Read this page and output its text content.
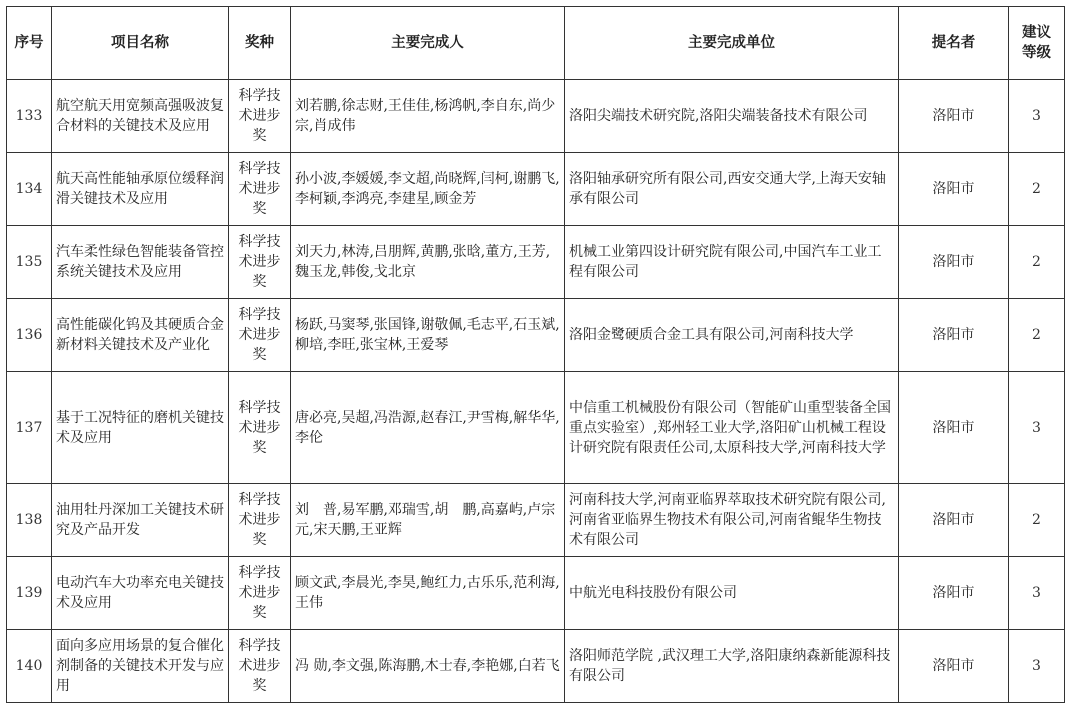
序号	项目名称	奖种	主要完成人	主要完成单位	提名者	建议等级
133	航空航天用宽频高强吸波复合材料的关键技术及应用	科学技术进步奖	刘若鹏,徐志财,王佳佳,杨鸿帆,李自东,尚少宗,肖成伟	洛阳尖端技术研究院,洛阳尖端装备技术有限公司	洛阳市	3
134	航天高性能轴承原位缓释润滑关键技术及应用	科学技术进步奖	孙小波,李媛媛,李文超,尚晓辉,闫柯,谢鹏飞,李柯颖,李鸿亮,李建星,顾金芳	洛阳轴承研究所有限公司,西安交通大学,上海天安轴承有限公司	洛阳市	2
135	汽车柔性绿色智能装备管控系统关键技术及应用	科学技术进步奖	刘天力,林涛,吕朋辉,黄鹏,张晗,董方,王芳,魏玉龙,韩俊,戈北京	机械工业第四设计研究院有限公司,中国汽车工业工程有限公司	洛阳市	2
136	高性能碳化钨及其硬质合金新材料关键技术及产业化	科学技术进步奖	杨跃,马窦琴,张国锋,谢敬佩,毛志平,石玉斌,柳培,李旺,张宝林,王爱琴	洛阳金鹭硬质合金工具有限公司,河南科技大学	洛阳市	2
137	基于工况特征的磨机关键技术及应用	科学技术进步奖	唐必亮,吴超,冯浩源,赵春江,尹雪梅,解华华,李伦	中信重工机械股份有限公司（智能矿山重型装备全国重点实验室）,郑州轻工业大学,洛阳矿山机械工程设计研究院有限责任公司,太原科技大学,河南科技大学	洛阳市	3
138	油用牡丹深加工关键技术研究及产品开发	科学技术进步奖	刘　普,易军鹏,邓瑞雪,胡　鹏,高嘉屿,卢宗元,宋天鹏,王亚辉	河南科技大学,河南亚临界萃取技术研究院有限公司,河南省亚临界生物技术有限公司,河南省鲲华生物技术有限公司	洛阳市	2
139	电动汽车大功率充电关键技术及应用	科学技术进步奖	顾文武,李晨光,李昊,鲍红力,古乐乐,范利海,王伟	中航光电科技股份有限公司	洛阳市	3
140	面向多应用场景的复合催化剂制备的关键技术开发与应用	科学技术进步奖	冯 勋,李文强,陈海鹏,木士春,李艳娜,白若飞	洛阳师范学院 ,武汉理工大学,洛阳康纳森新能源科技有限公司	洛阳市	3
